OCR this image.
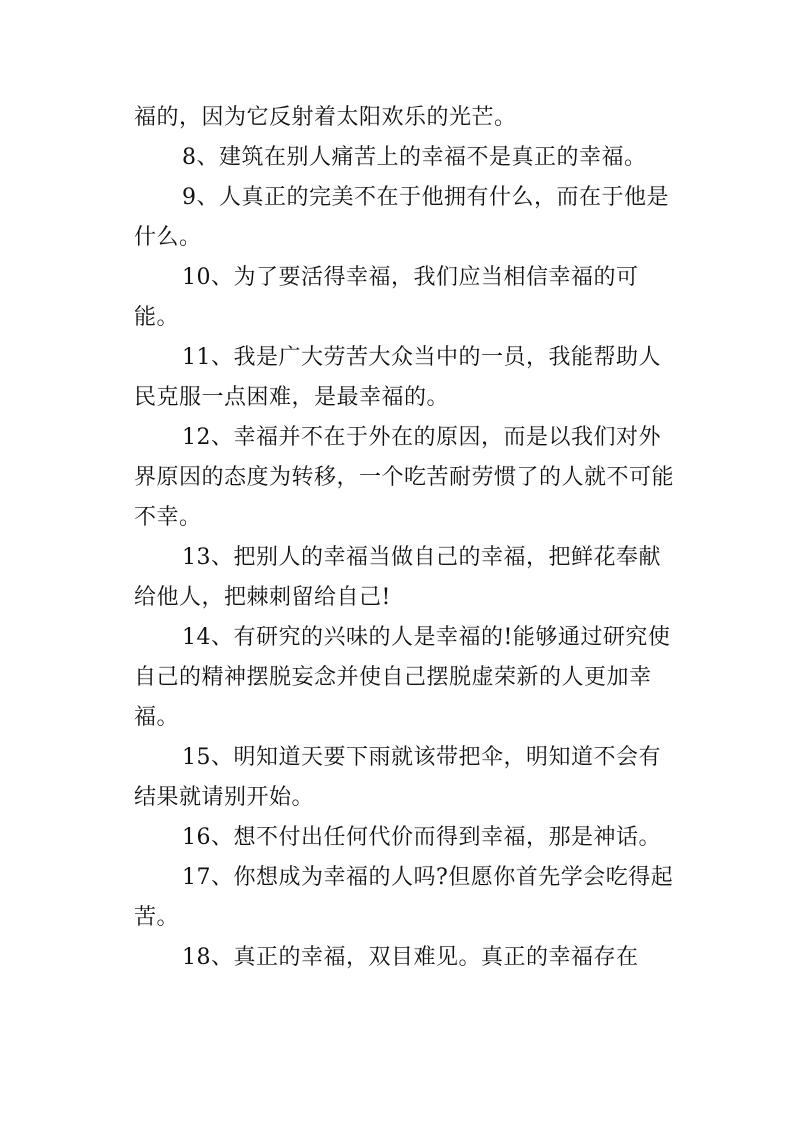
福的，因为它反射着太阳欢乐的光芒。

8、建筑在别人痛苦上的幸福不是真正的幸福。

9、人真正的完美不在于他拥有什么，而在于他是什么。

10、为了要活得幸福，我们应当相信幸福的可能。

11、我是广大劳苦大众当中的一员，我能帮助人民克服一点困难，是最幸福的。

12、幸福并不在于外在的原因，而是以我们对外界原因的态度为转移，一个吃苦耐劳惯了的人就不可能不幸。

13、把别人的幸福当做自己的幸福，把鲜花奉献给他人，把棘刺留给自己!

14、有研究的兴味的人是幸福的!能够通过研究使自己的精神摆脱妄念并使自己摆脱虚荣新的人更加幸福。

15、明知道天要下雨就该带把伞，明知道不会有结果就请别开始。

16、想不付出任何代价而得到幸福，那是神话。

17、你想成为幸福的人吗?但愿你首先学会吃得起苦。

18、真正的幸福，双目难见。真正的幸福存在
